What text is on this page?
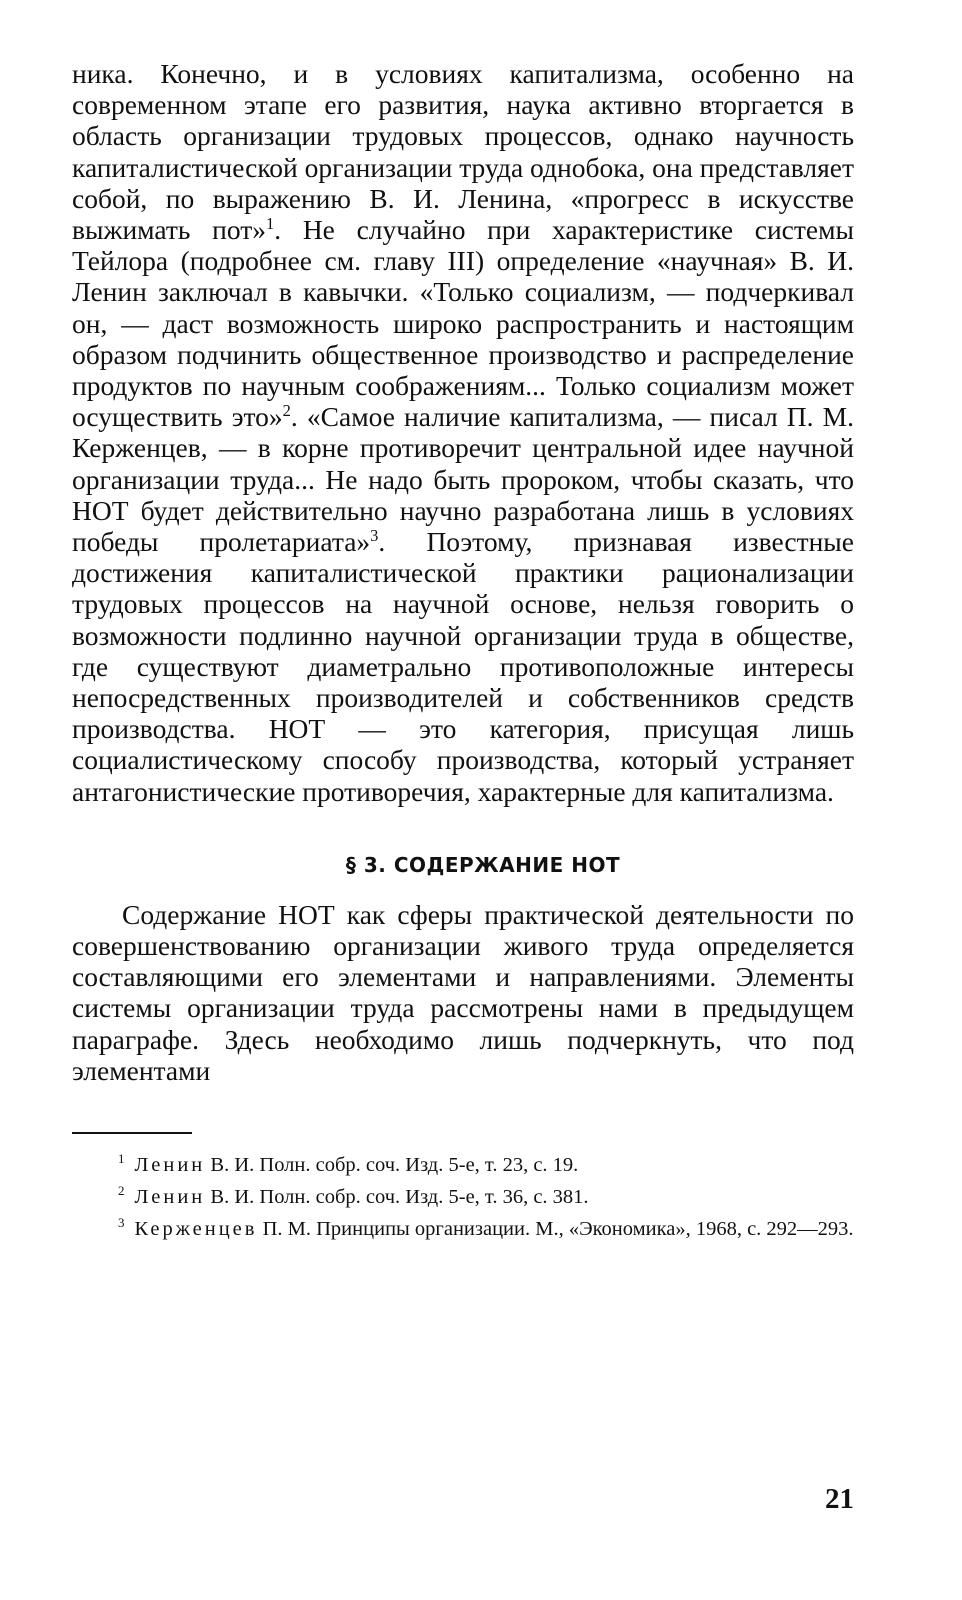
ника. Конечно, и в условиях капитализма, особенно на современном этапе его развития, наука активно вторгается в область организации трудовых процессов, однако научность капиталистической организации труда однобока, она представляет собой, по выражению В. И. Ленина, «прогресс в искусстве выжимать пот»$^1$. Не случайно при характеристике системы Тейлора (подробнее см. главу III) определение «научная» В. И. Ленин заключал в кавычки. «Только социализм, — подчеркивал он, — даст возможность широко распространить и настоящим образом подчинить общественное производство и распределение продуктов по научным соображениям... Только социализм может осуществить это»$^2$. «Самое наличие капитализма, — писал П. М. Керженцев, — в корне противоречит центральной идее научной организации труда... Не надо быть пророком, чтобы сказать, что НОТ будет действительно научно разработана лишь в условиях победы пролетариата»$^3$. Поэтому, признавая известные достижения капиталистической практики рационализации трудовых процессов на научной основе, нельзя говорить о возможности подлинно научной организации труда в обществе, где существуют диаметрально противоположные интересы непосредственных производителей и собственников средств производства. НОТ — это категория, присущая лишь социалистическому способу производства, который устраняет антагонистические противоречия, характерные для капитализма.

§ 3. СОДЕРЖАНИЕ НОТ

Содержание НОТ как сферы практической деятельности по совершенствованию организации живого труда определяется составляющими его элементами и направлениями. Элементы системы организации труда рассмотрены нами в предыдущем параграфе. Здесь необходимо лишь подчеркнуть, что под элементами

$^1$ Ленин В. И. Полн. собр. соч. Изд. 5-е, т. 23, с. 19.

$^2$ Ленин В. И. Полн. собр. соч. Изд. 5-е, т. 36, с. 381.

$^3$ Керженцев П. М. Принципы организации. М., «Экономика», 1968, с. 292—293.

21
